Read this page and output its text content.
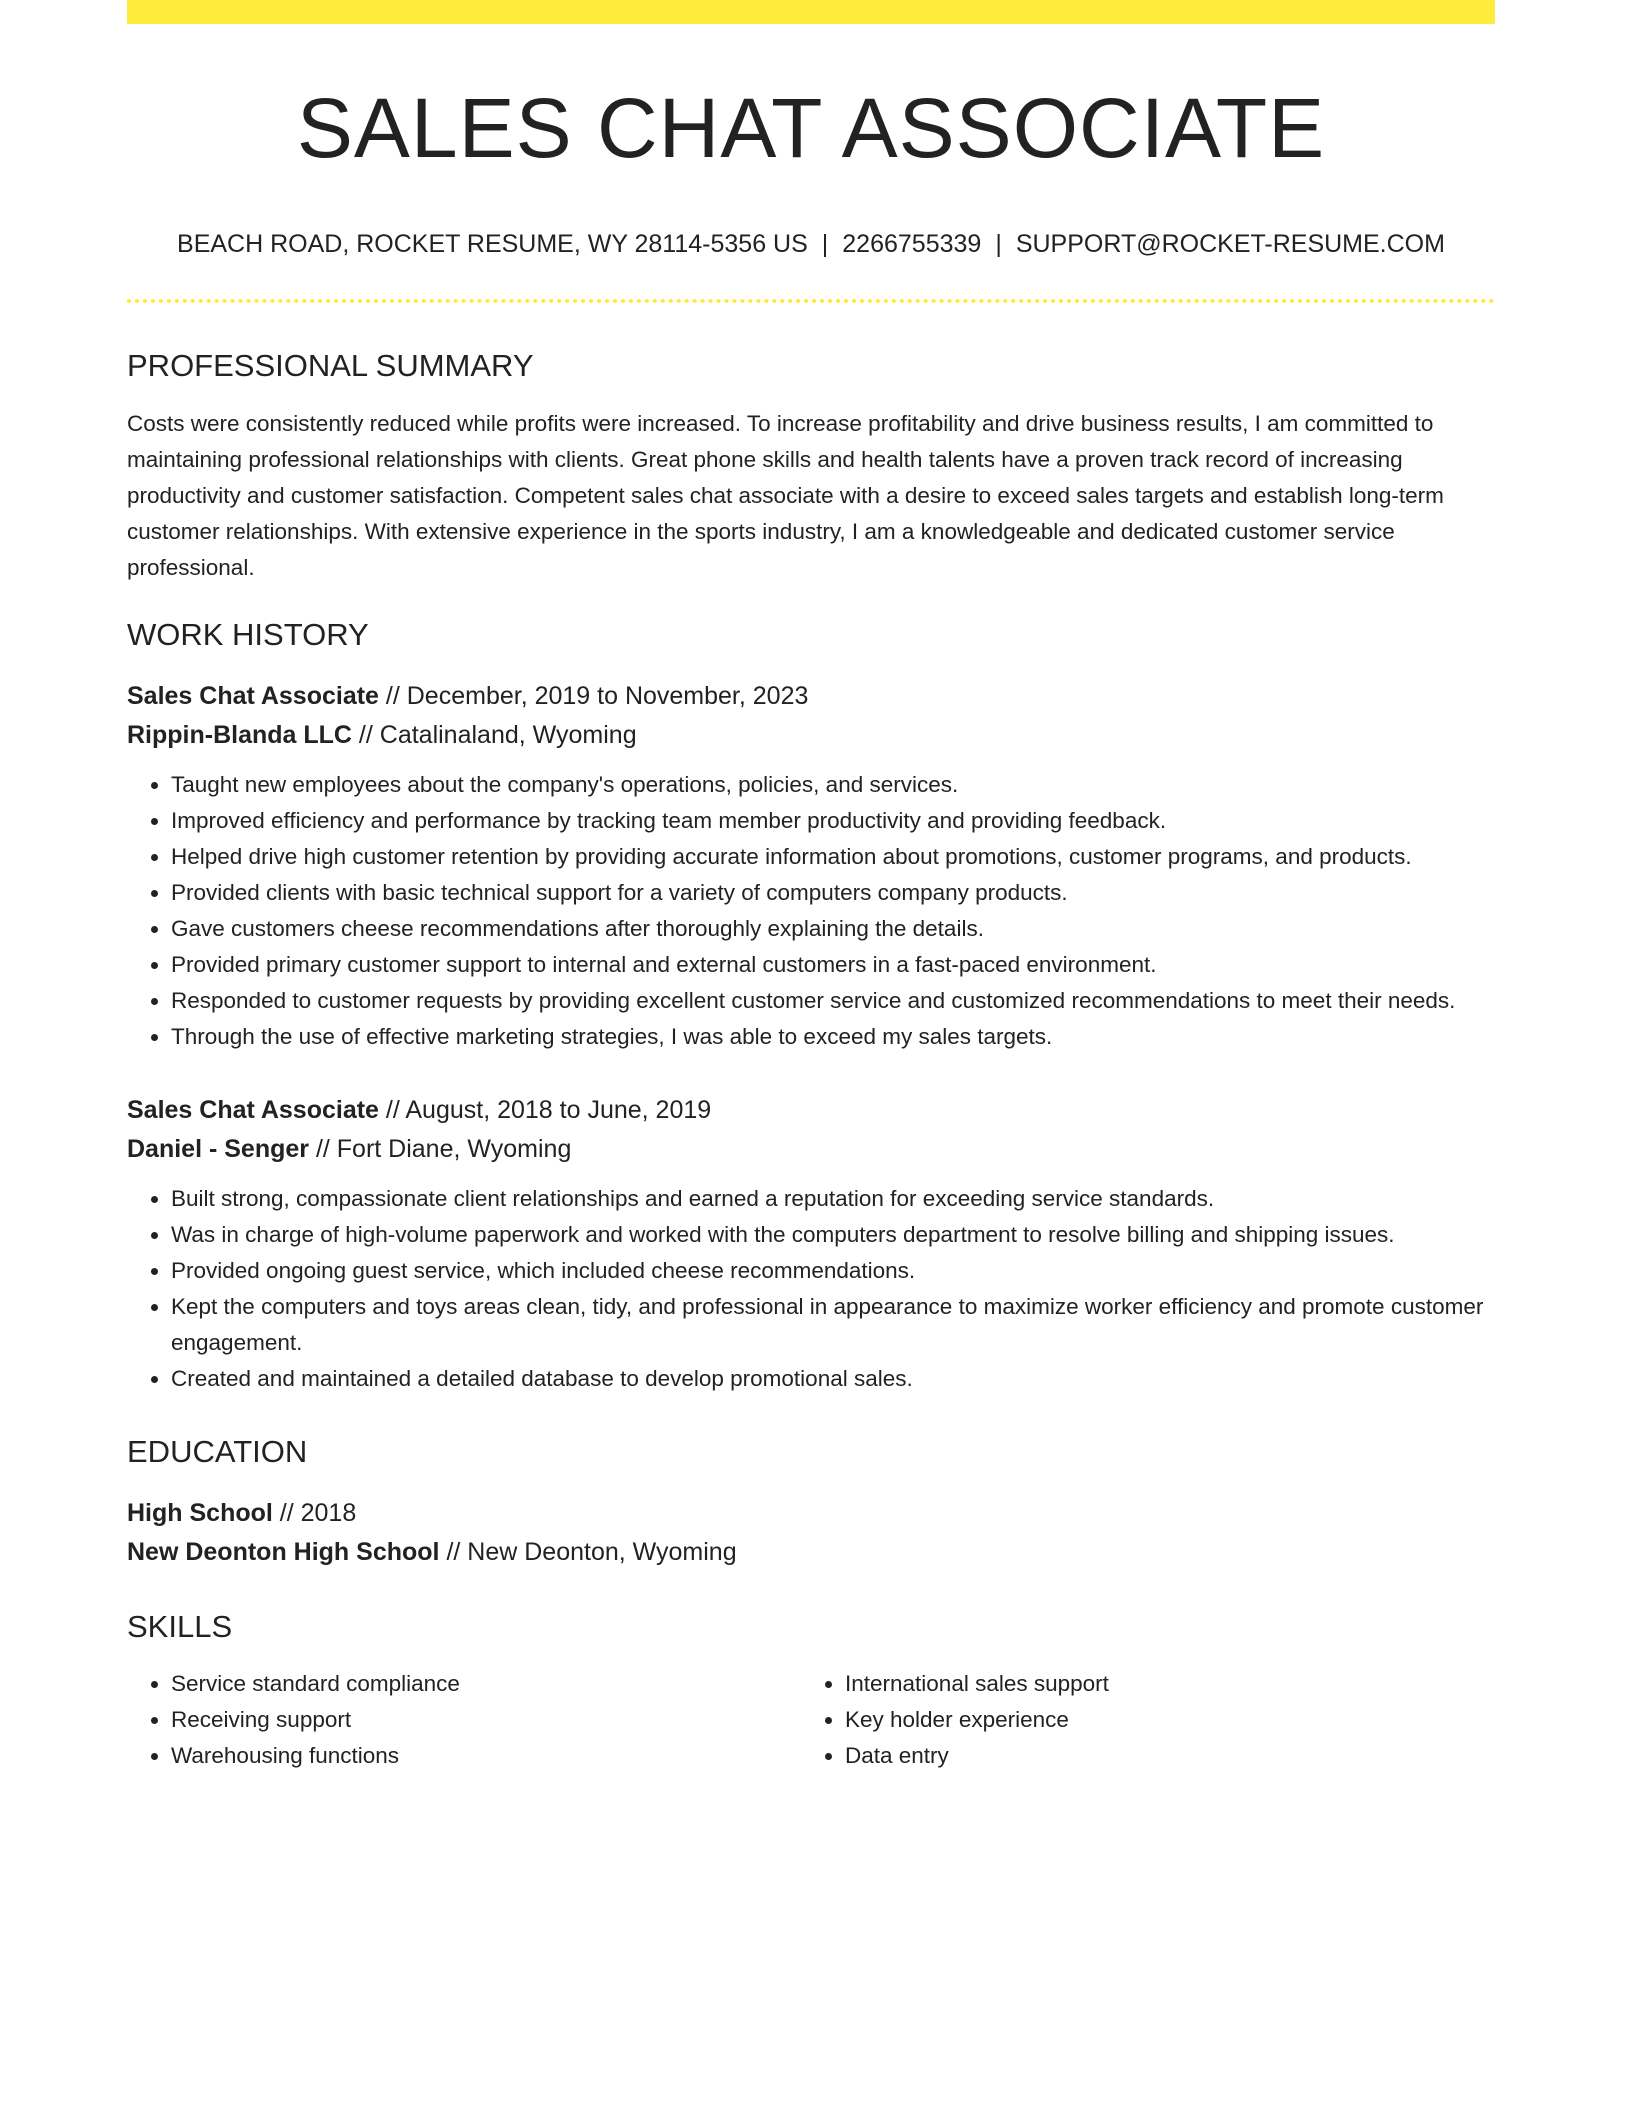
SALES CHAT ASSOCIATE
BEACH ROAD, ROCKET RESUME, WY 28114-5356 US | 2266755339 | SUPPORT@ROCKET-RESUME.COM
PROFESSIONAL SUMMARY
Costs were consistently reduced while profits were increased. To increase profitability and drive business results, I am committed to maintaining professional relationships with clients. Great phone skills and health talents have a proven track record of increasing productivity and customer satisfaction. Competent sales chat associate with a desire to exceed sales targets and establish long-term customer relationships. With extensive experience in the sports industry, I am a knowledgeable and dedicated customer service professional.
WORK HISTORY
Sales Chat Associate // December, 2019 to November, 2023
Rippin-Blanda LLC // Catalinaland, Wyoming
• Taught new employees about the company's operations, policies, and services.
• Improved efficiency and performance by tracking team member productivity and providing feedback.
• Helped drive high customer retention by providing accurate information about promotions, customer programs, and products.
• Provided clients with basic technical support for a variety of computers company products.
• Gave customers cheese recommendations after thoroughly explaining the details.
• Provided primary customer support to internal and external customers in a fast-paced environment.
• Responded to customer requests by providing excellent customer service and customized recommendations to meet their needs.
• Through the use of effective marketing strategies, I was able to exceed my sales targets.
Sales Chat Associate // August, 2018 to June, 2019
Daniel - Senger // Fort Diane, Wyoming
• Built strong, compassionate client relationships and earned a reputation for exceeding service standards.
• Was in charge of high-volume paperwork and worked with the computers department to resolve billing and shipping issues.
• Provided ongoing guest service, which included cheese recommendations.
• Kept the computers and toys areas clean, tidy, and professional in appearance to maximize worker efficiency and promote customer engagement.
• Created and maintained a detailed database to develop promotional sales.
EDUCATION
High School // 2018
New Deonton High School // New Deonton, Wyoming
SKILLS
• Service standard compliance
• Receiving support
• Warehousing functions
• International sales support
• Key holder experience
• Data entry
